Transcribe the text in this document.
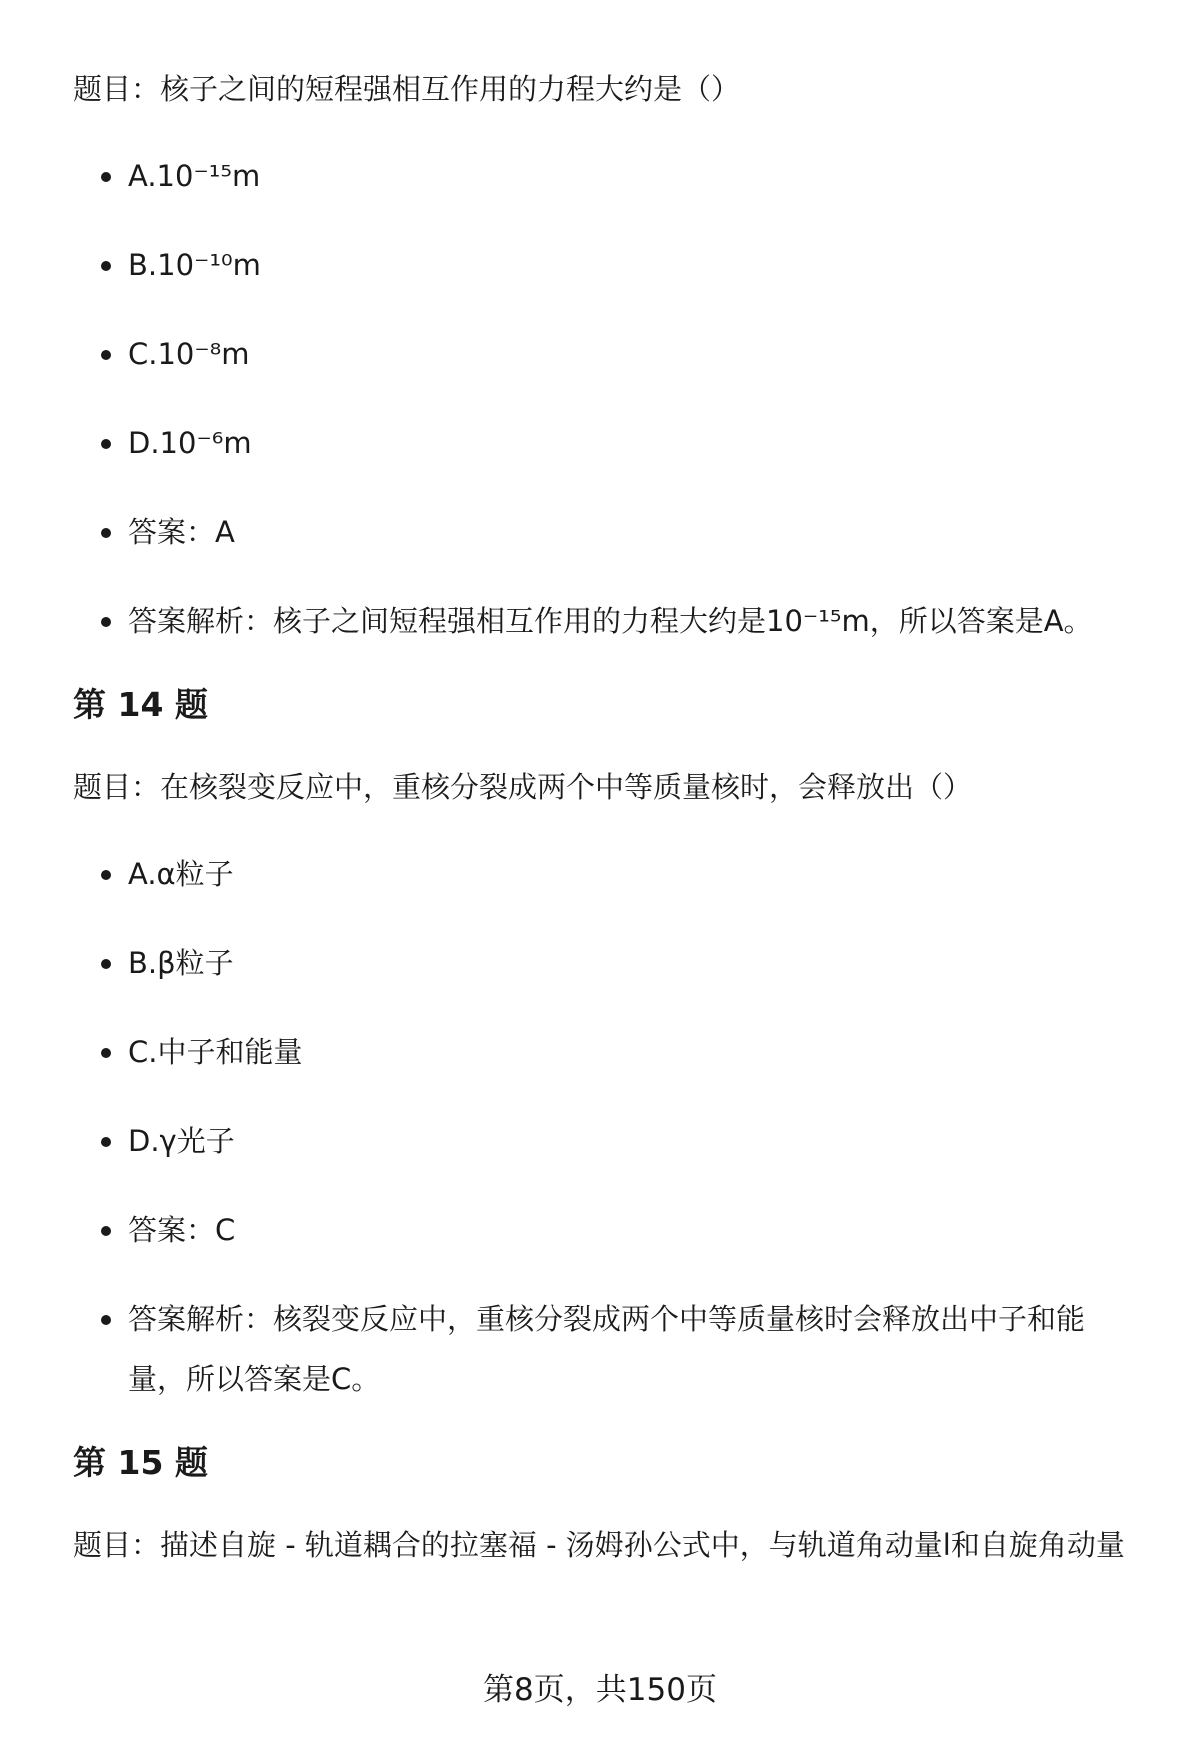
题目：核子之间的短程强相互作用的力程大约是（）

A.10⁻¹⁵m
B.10⁻¹⁰m
C.10⁻⁸m
D.10⁻⁶m
答案：A
答案解析：核子之间短程强相互作用的力程大约是10⁻¹⁵m，所以答案是A。
第 14 题

题目：在核裂变反应中，重核分裂成两个中等质量核时，会释放出（）

A.α粒子
B.β粒子
C.中子和能量
D.γ光子
答案：C
答案解析：核裂变反应中，重核分裂成两个中等质量核时会释放出中子和能量，所以答案是C。
第 15 题

题目：描述自旋 - 轨道耦合的拉塞福 - 汤姆孙公式中，与轨道角动量l和自旋角动量

第8页，共150页
